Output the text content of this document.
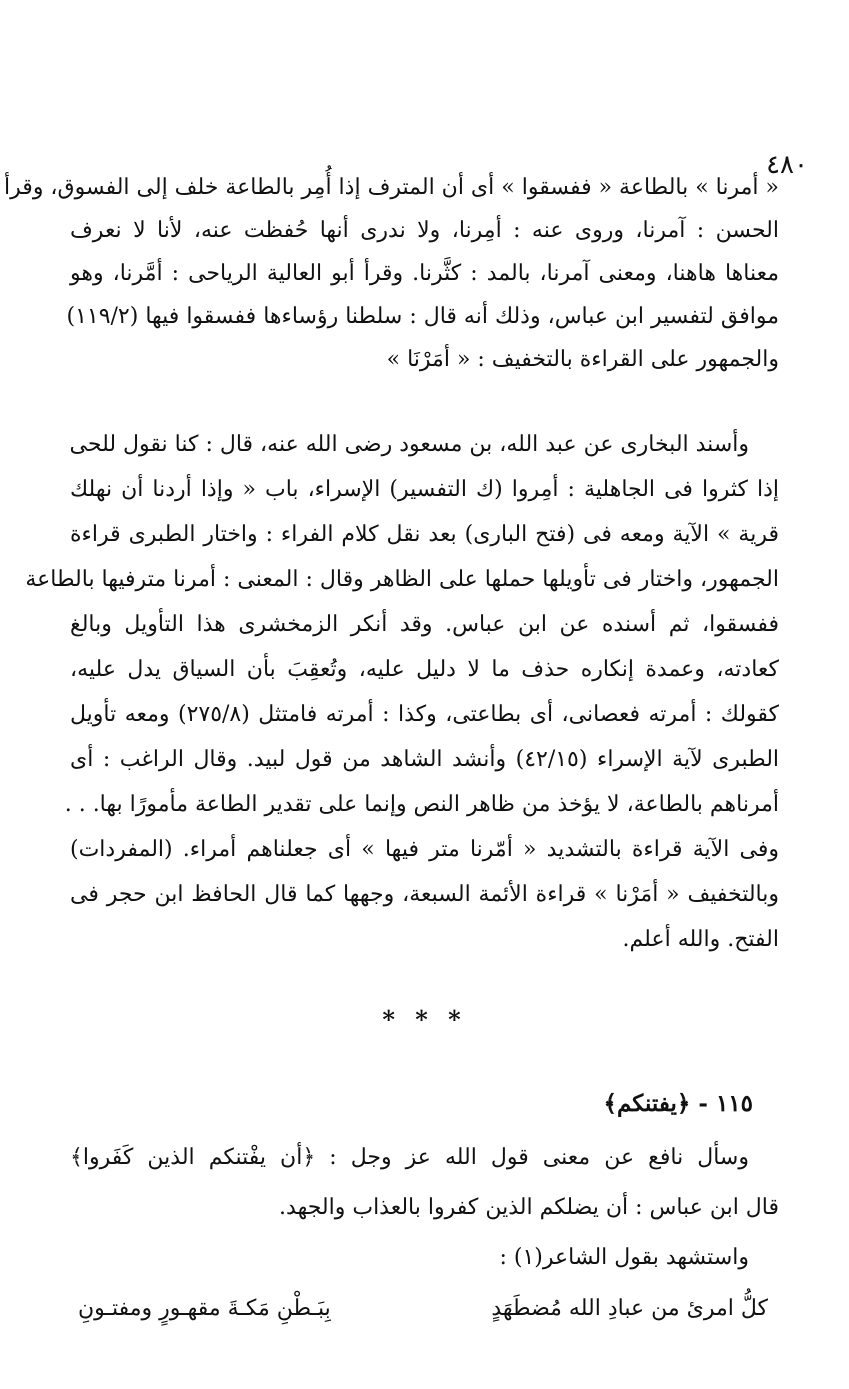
٤٨٠
« أمرنا » بالطاعة « ففسقوا » أى أن المترف إذا أُمِر بالطاعة خلف إلى الفسوق، وقرأ
الحسن : آمرنا، وروى عنه : أمِرنا، ولا ندرى أنها حُفظت عنه، لأنا لا نعرف
معناها هاهنا، ومعنى آمرنا، بالمد : كثَّرنا. وقرأ أبو العالية الرياحى : أمَّرنا، وهو
موافق لتفسير ابن عباس، وذلك أنه قال : سلطنا رؤساءها ففسقوا فيها (١١٩/٢)
والجمهور على القراءة بالتخفيف : « أمَرْنَا »
وأسند البخارى عن عبد الله، بن مسعود رضى الله عنه، قال : كنا نقول للحى
إذا كثروا فى الجاهلية : أمِروا (ك التفسير) الإسراء، باب « وإذا أردنا أن نهلك
قرية » الآية ومعه فى (فتح البارى) بعد نقل كلام الفراء : واختار الطبرى قراءة
الجمهور، واختار فى تأويلها حملها على الظاهر وقال : المعنى : أمرنا مترفيها بالطاعة
ففسقوا، ثم أسنده عن ابن عباس. وقد أنكر الزمخشرى هذا التأويل وبالغ
كعادته، وعمدة إنكاره حذف ما لا دليل عليه، وتُعقِبَ بأن السياق يدل عليه،
كقولك : أمرته فعصانى، أى بطاعتى، وكذا : أمرته فامتثل (٢٧٥/٨) ومعه تأويل
الطبرى لآية الإسراء (٤٢/١٥) وأنشد الشاهد من قول لبيد. وقال الراغب : أى
أمرناهم بالطاعة، لا يؤخذ من ظاهر النص وإنما على تقدير الطاعة مأمورًا بها. . .
وفى الآية قراءة بالتشديد « أمّرنا متر فيها » أى جعلناهم أمراء. (المفردات)
وبالتخفيف « أمَرْنا » قراءة الأئمة السبعة، وجهها كما قال الحافظ ابن حجر فى
الفتح. والله أعلم.
* * *
١١٥ - ﴿يفتنكم﴾
وسأل نافع عن معنى قول الله عز وجل : ﴿أن يفْتنكم الذين كَفَروا﴾
قال ابن عباس : أن يضلكم الذين كفروا بالعذاب والجهد.
واستشهد بقول الشاعر(١) :
كلُّ امرئ من عبادِ الله مُضطَهَدٍ
بِبَـطْنِ مَكـةَ مقهـورٍ ومفتـونِ
